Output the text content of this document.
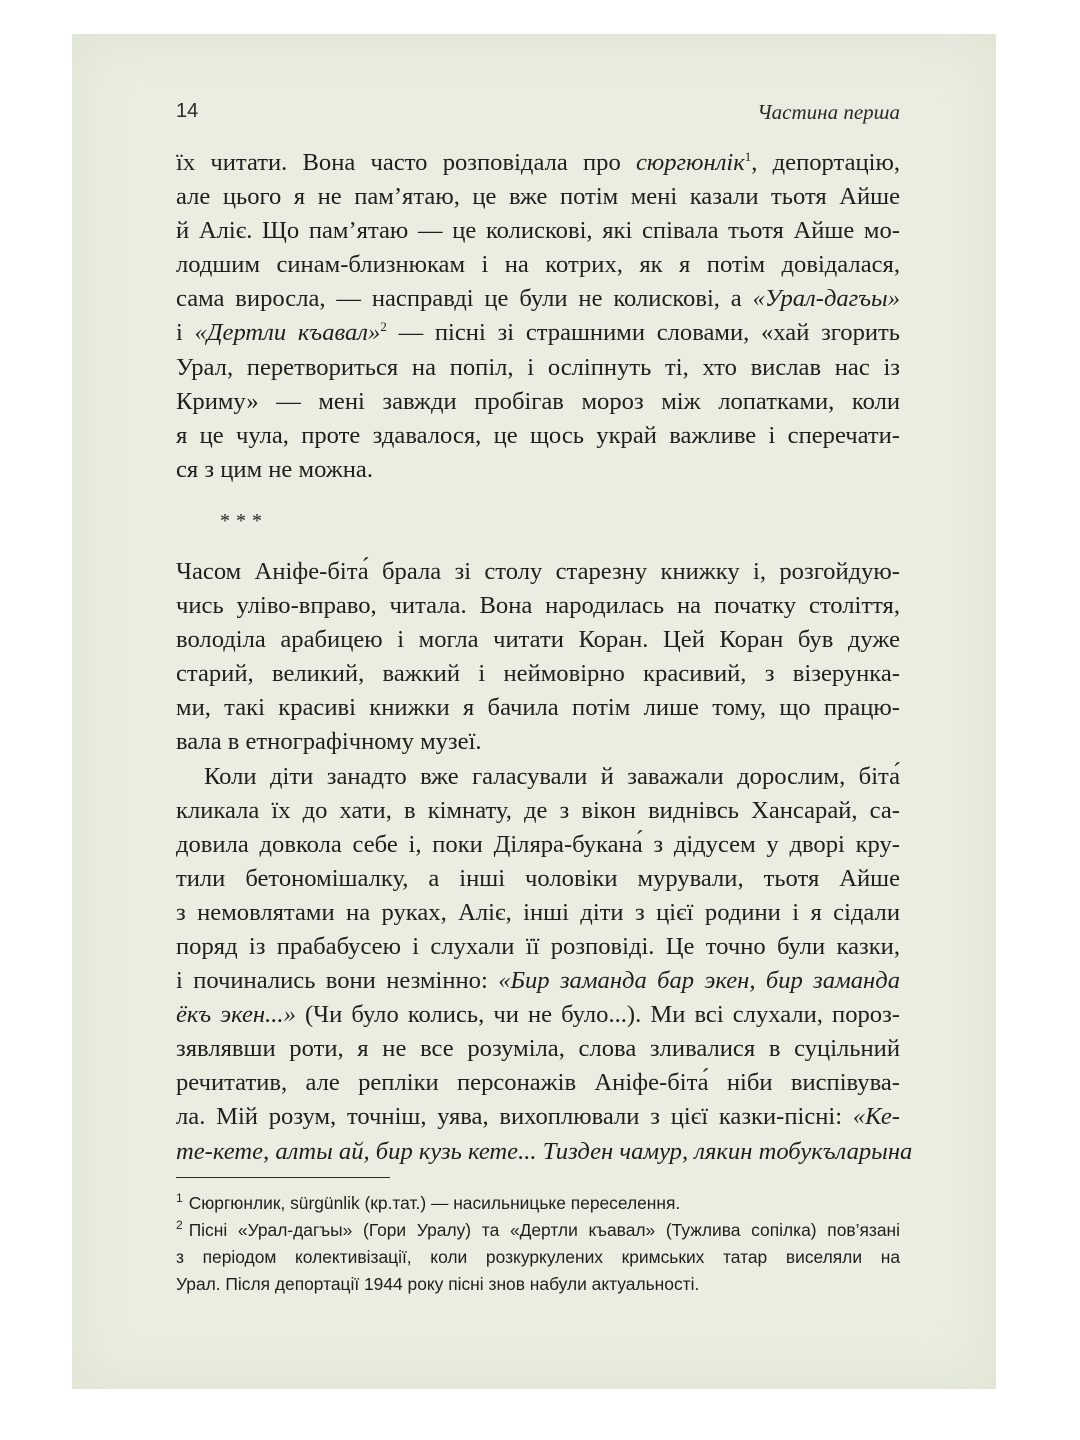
14	Частина перша
їх читати. Вона часто розповідала про сюргюнлік$^1$, депортацію,
але цього я не пам’ятаю, це вже потім мені казали тьотя Айше
й Аліє. Що пам’ятаю — це колискові, які співала тьотя Айше мо-
лодшим синам-близнюкам і на котрих, як я потім довідалася,
сама виросла, — насправді це були не колискові, а «Урал-дагъы»
і «Дертли къавал»$^2$ — пісні зі страшними словами, «хай згорить
Урал, перетвориться на попіл, і осліпнуть ті, хто вислав нас із
Криму» — мені завжди пробігав мороз між лопатками, коли
я це чула, проте здавалося, це щось украй важливе і сперечати-
ся з цим не можна.
***
Часом Аніфе-біта́ брала зі столу старезну книжку і, розгойдую-
чись уліво-вправо, читала. Вона народилась на початку століття,
володіла арабицею і могла читати Коран. Цей Коран був дуже
старий, великий, важкий і неймовірно красивий, з візерунка-
ми, такі красиві книжки я бачила потім лише тому, що працю-
вала в етнографічному музеї.
Коли діти занадто вже галасували й заважали дорослим, біта́
кликала їх до хати, в кімнату, де з вікон виднівсь Хансарай, са-
довила довкола себе і, поки Діляра-букана́ з дідусем у дворі кру-
тили бетономішалку, а інші чоловіки мурували, тьотя Айше
з немовлятами на руках, Аліє, інші діти з цієї родини і я сідали
поряд із прабабусею і слухали її розповіді. Це точно були казки,
і починались вони незмінно: «Бир заманда бар экен, бир заманда
ёкъ экен...» (Чи було колись, чи не було...). Ми всі слухали, пороз-
зявлявши роти, я не все розуміла, слова зливалися в суцільний
речитатив, але репліки персонажів Аніфе-біта́ ніби виспівува-
ла. Мій розум, точніш, уява, вихоплювали з цієї казки-пісні: «Ке-
те-кете, алты ай, бир кузь кете... Тизден чамур, лякин тобукъларына
$^1$ Сюргюнлик, sürgünlik (кр.тат.) — насильницьке переселення.
$^2$ Пісні «Урал-дагъы» (Гори Уралу) та «Дертли къавал» (Тужлива сопілка) пов’язані
з періодом колективізації, коли розкуркулених кримських татар виселяли на
Урал. Після депортації 1944 року пісні знов набули актуальності.
